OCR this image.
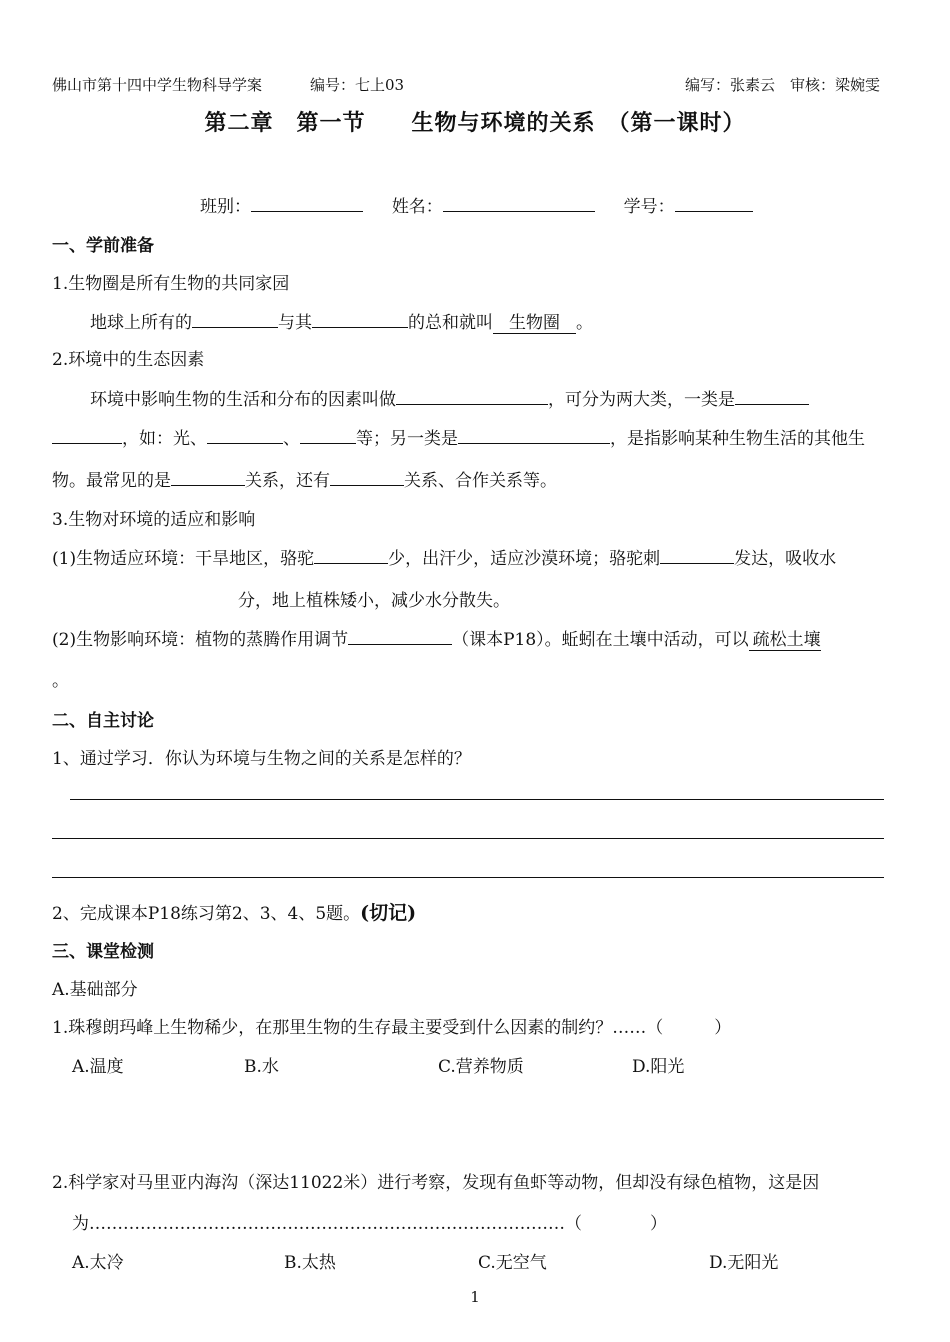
佛山市第十四中学生物科导学案	编号：七上03	编写：张素云　审核：梁婉雯
第二章　第一节　　生物与环境的关系　（第一课时）
班别：	姓名：	学号：
一、学前准备
1.生物圈是所有生物的共同家园
地球上所有的	与其	的总和就叫 生物圈 。
2.环境中的生态因素
环境中影响生物的生活和分布的因素叫做	，可分为两大类，一类是
，如：光、	、	等；另一类是	，是指影响某种生物生活的其他生
物。最常见的是	关系，还有	关系、合作关系等。
3.生物对环境的适应和影响
(1)生物适应环境：干旱地区，骆驼	少，出汗少，适应沙漠环境；骆驼刺	发达，吸收水
分，地上植株矮小，减少水分散失。
(2)生物影响环境：植物的蒸腾作用调节	（课本P18）。蚯蚓在土壤中活动，可以 疏松土壤
。
二、自主讨论
1、通过学习．你认为环境与生物之间的关系是怎样的？
2、完成课本P18练习第2、3、4、5题。(切记)
三、课堂检测
A.基础部分
1.珠穆朗玛峰上生物稀少，在那里生物的生存最主要受到什么因素的制约？……（　　　）
A.温度	B.水	C.营养物质	D.阳光
2.科学家对马里亚内海沟（深达11022米）进行考察，发现有鱼虾等动物，但却没有绿色植物，这是因
为…………………………………………………………………………（　　　　）
A.太冷	B.太热	C.无空气	D.无阳光
1
